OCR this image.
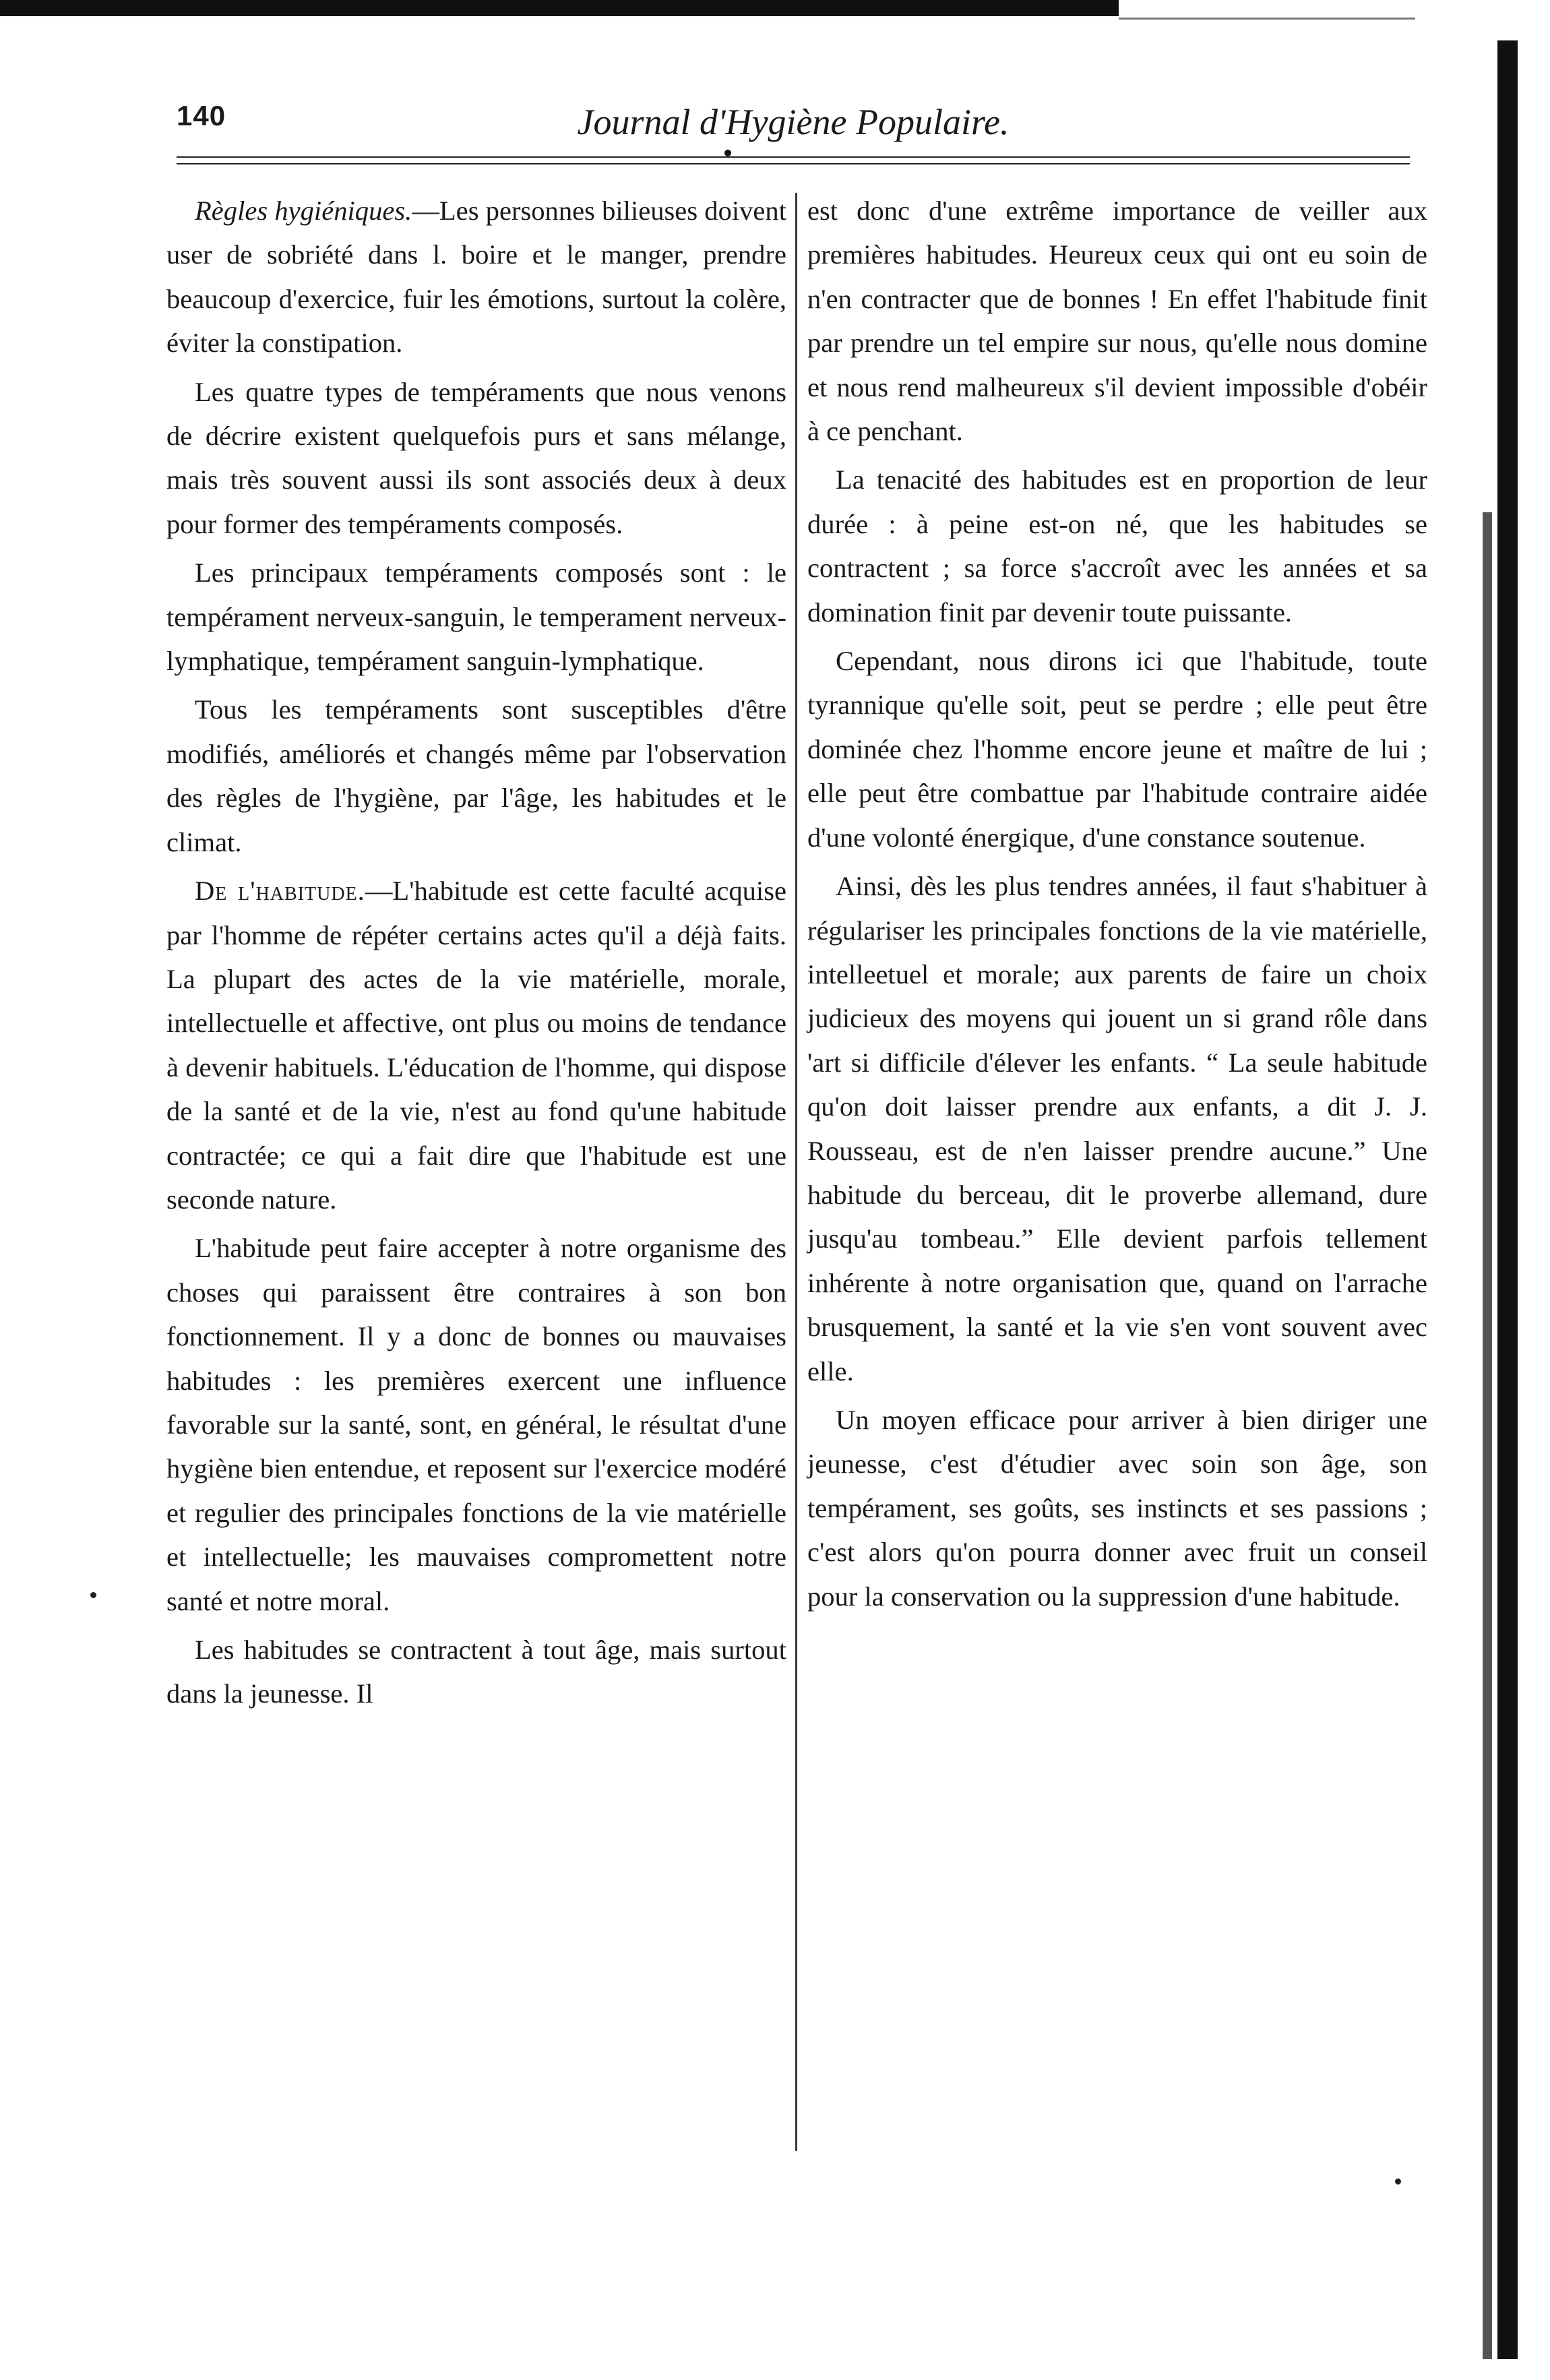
140	Journal d'Hygiène Populaire.

Règles hygiéniques.—Les personnes bilieuses doivent user de sobriété dans l. boire et le manger, prendre beaucoup d'exercice, fuir les émotions, surtout la colère, éviter la constipation.

Les quatre types de tempéraments que nous venons de décrire existent quelquefois purs et sans mélange, mais très souvent aussi ils sont associés deux à deux pour former des tempéraments composés.

Les principaux tempéraments composés sont : le tempérament nerveux-sanguin, le temperament nerveux-lymphatique, tempérament sanguin-lymphatique.

Tous les tempéraments sont susceptibles d'être modifiés, améliorés et changés même par l'observation des règles de l'hygiène, par l'âge, les habitudes et le climat.

De l'habitude.—L'habitude est cette faculté acquise par l'homme de répéter certains actes qu'il a déjà faits. La plupart des actes de la vie matérielle, morale, intellectuelle et affective, ont plus ou moins de tendance à devenir habituels. L'éducation de l'homme, qui dispose de la santé et de la vie, n'est au fond qu'une habitude contractée; ce qui a fait dire que l'habitude est une seconde nature.

L'habitude peut faire accepter à notre organisme des choses qui paraissent être contraires à son bon fonctionnement. Il y a donc de bonnes ou mauvaises habitudes : les premières exercent une influence favorable sur la santé, sont, en général, le résultat d'une hygiène bien entendue, et reposent sur l'exercice modéré et regulier des principales fonctions de la vie matérielle et intellectuelle; les mauvaises compromettent notre santé et notre moral.

Les habitudes se contractent à tout âge, mais surtout dans la jeunesse. Il

est donc d'une extrême importance de veiller aux premières habitudes. Heureux ceux qui ont eu soin de n'en contracter que de bonnes ! En effet l'habitude finit par prendre un tel empire sur nous, qu'elle nous domine et nous rend malheureux s'il devient impossible d'obéir à ce penchant.

La tenacité des habitudes est en proportion de leur durée : à peine est-on né, que les habitudes se contractent ; sa force s'accroît avec les années et sa domination finit par devenir toute puissante.

Cependant, nous dirons ici que l'habitude, toute tyrannique qu'elle soit, peut se perdre ; elle peut être dominée chez l'homme encore jeune et maître de lui ; elle peut être combattue par l'habitude contraire aidée d'une volonté énergique, d'une constance soutenue.

Ainsi, dès les plus tendres années, il faut s'habituer à régulariser les principales fonctions de la vie matérielle, intelleetuel et morale; aux parents de faire un choix judicieux des moyens qui jouent un si grand rôle dans 'art si difficile d'élever les enfants. “ La seule habitude qu'on doit laisser prendre aux enfants, a dit J. J. Rousseau, est de n'en laisser prendre aucune.” Une habitude du berceau, dit le proverbe allemand, dure jusqu'au tombeau.” Elle devient parfois tellement inhérente à notre organisation que, quand on l'arrache brusquement, la santé et la vie s'en vont souvent avec elle.

Un moyen efficace pour arriver à bien diriger une jeunesse, c'est d'étudier avec soin son âge, son tempérament, ses goûts, ses instincts et ses passions ; c'est alors qu'on pourra donner avec fruit un conseil pour la conservation ou la suppression d'une habitude.
